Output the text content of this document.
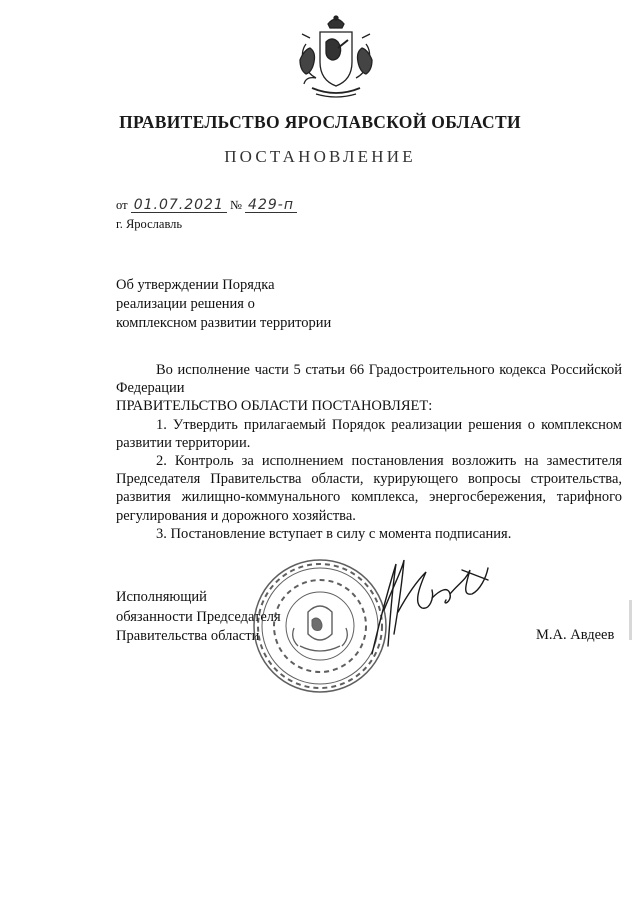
ПРАВИТЕЛЬСТВО ЯРОСЛАВСКОЙ ОБЛАСТИ
ПОСТАНОВЛЕНИЕ
от 01.07.2021 № 429-п
г. Ярославль
Об утверждении Порядка
реализации решения о
комплексном развитии территории

Во исполнение части 5 статьи 66 Градостроительного кодекса Российской Федерации

ПРАВИТЕЛЬСТВО ОБЛАСТИ ПОСТАНОВЛЯЕТ:

1. Утвердить прилагаемый Порядок реализации решения о комплексном развитии территории.

2. Контроль за исполнением постановления возложить на заместителя Председателя Правительства области, курирующего вопросы строительства, развития жилищно-коммунального комплекса, энергосбережения, тарифного регулирования и дорожного хозяйства.

3. Постановление вступает в силу с момента подписания.

Исполняющий
обязанности Председателя
Правительства области	М.А. Авдеев
